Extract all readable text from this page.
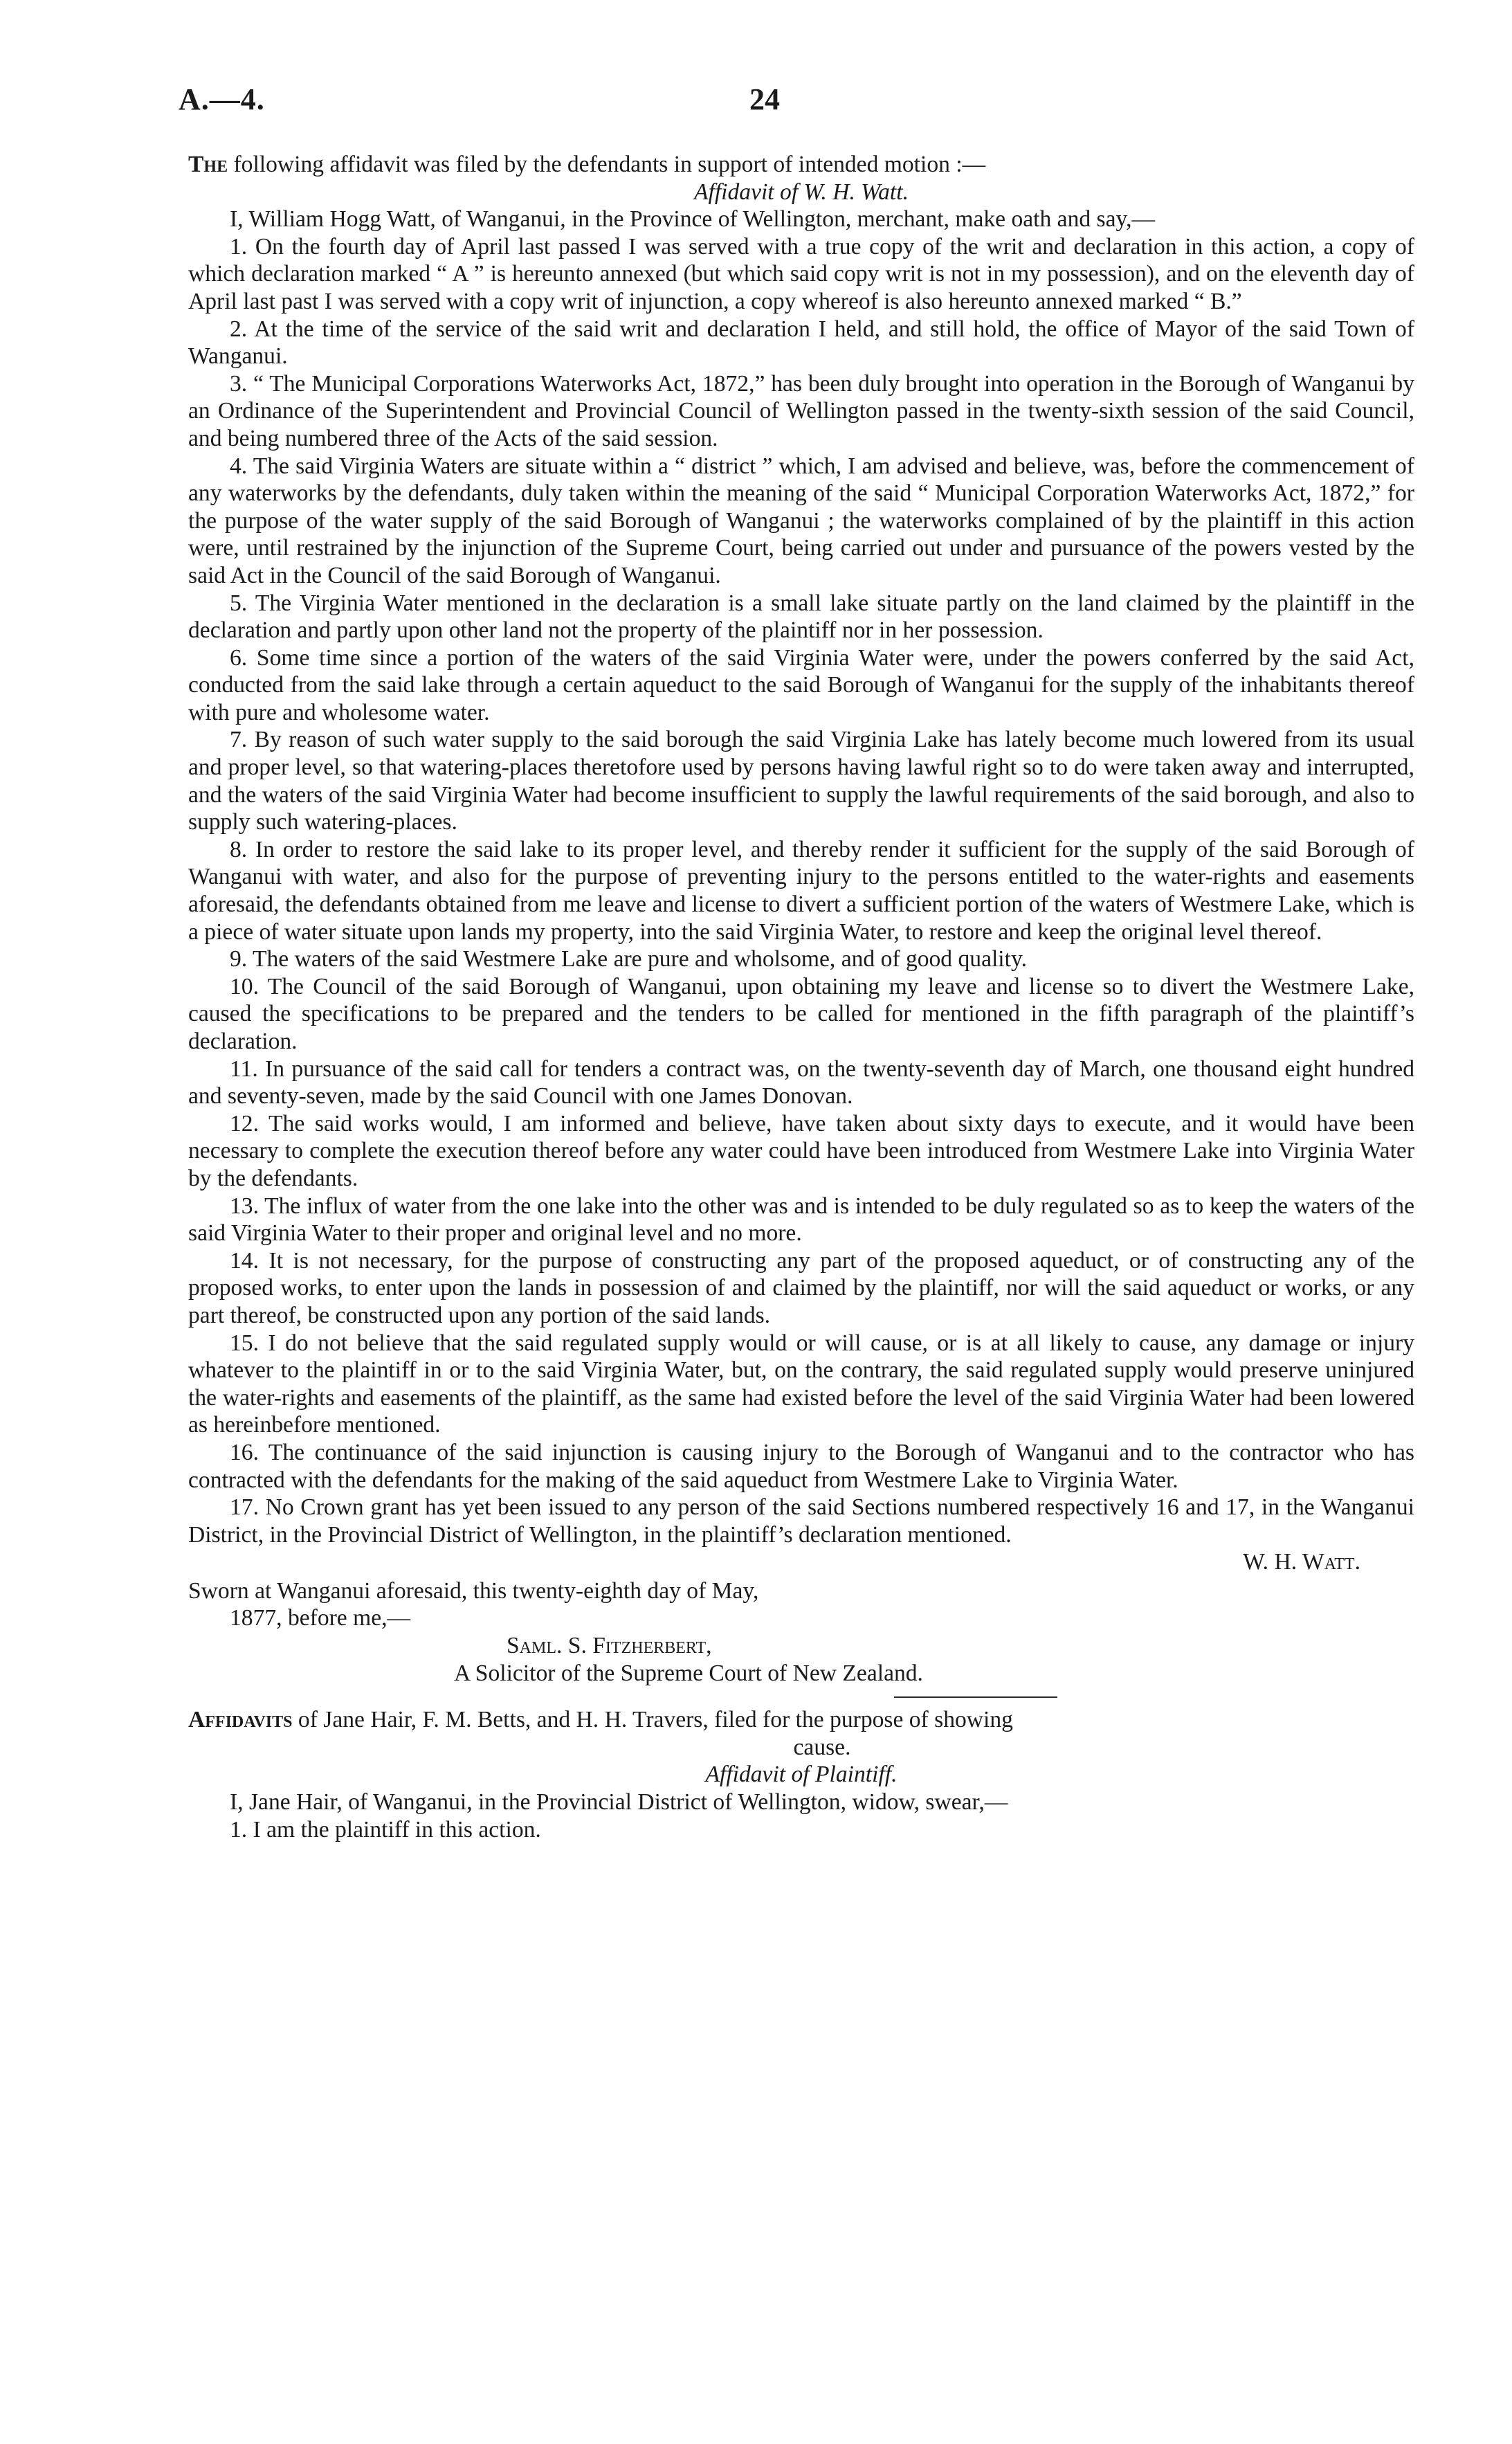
A.—4.	24

The following affidavit was filed by the defendants in support of intended motion :—

Affidavit of W. H. Watt.

I, William Hogg Watt, of Wanganui, in the Province of Wellington, merchant, make oath and say,—

1. On the fourth day of April last passed I was served with a true copy of the writ and declaration in this action, a copy of which declaration marked “ A ” is hereunto annexed (but which said copy writ is not in my possession), and on the eleventh day of April last past I was served with a copy writ of injunction, a copy whereof is also hereunto annexed marked “ B.”

2. At the time of the service of the said writ and declaration I held, and still hold, the office of Mayor of the said Town of Wanganui.

3. “ The Municipal Corporations Waterworks Act, 1872,” has been duly brought into operation in the Borough of Wanganui by an Ordinance of the Superintendent and Provincial Council of Wellington passed in the twenty-sixth session of the said Council, and being numbered three of the Acts of the said session.

4. The said Virginia Waters are situate within a “ district ” which, I am advised and believe, was, before the commencement of any waterworks by the defendants, duly taken within the meaning of the said “ Municipal Corporation Waterworks Act, 1872,” for the purpose of the water supply of the said Borough of Wanganui ; the waterworks complained of by the plaintiff in this action were, until restrained by the injunction of the Supreme Court, being carried out under and pursuance of the powers vested by the said Act in the Council of the said Borough of Wanganui.

5. The Virginia Water mentioned in the declaration is a small lake situate partly on the land claimed by the plaintiff in the declaration and partly upon other land not the property of the plaintiff nor in her possession.

6. Some time since a portion of the waters of the said Virginia Water were, under the powers conferred by the said Act, conducted from the said lake through a certain aqueduct to the said Borough of Wanganui for the supply of the inhabitants thereof with pure and wholesome water.

7. By reason of such water supply to the said borough the said Virginia Lake has lately become much lowered from its usual and proper level, so that watering-places theretofore used by persons having lawful right so to do were taken away and interrupted, and the waters of the said Virginia Water had become insufficient to supply the lawful requirements of the said borough, and also to supply such watering-places.

8. In order to restore the said lake to its proper level, and thereby render it sufficient for the supply of the said Borough of Wanganui with water, and also for the purpose of preventing injury to the persons entitled to the water-rights and easements aforesaid, the defendants obtained from me leave and license to divert a sufficient portion of the waters of Westmere Lake, which is a piece of water situate upon lands my property, into the said Virginia Water, to restore and keep the original level thereof.

9. The waters of the said Westmere Lake are pure and wholsome, and of good quality.

10. The Council of the said Borough of Wanganui, upon obtaining my leave and license so to divert the Westmere Lake, caused the specifications to be prepared and the tenders to be called for mentioned in the fifth paragraph of the plaintiff’s declaration.

11. In pursuance of the said call for tenders a contract was, on the twenty-seventh day of March, one thousand eight hundred and seventy-seven, made by the said Council with one James Donovan.

12. The said works would, I am informed and believe, have taken about sixty days to execute, and it would have been necessary to complete the execution thereof before any water could have been introduced from Westmere Lake into Virginia Water by the defendants.

13. The influx of water from the one lake into the other was and is intended to be duly regulated so as to keep the waters of the said Virginia Water to their proper and original level and no more.

14. It is not necessary, for the purpose of constructing any part of the proposed aqueduct, or of constructing any of the proposed works, to enter upon the lands in possession of and claimed by the plaintiff, nor will the said aqueduct or works, or any part thereof, be constructed upon any portion of the said lands.

15. I do not believe that the said regulated supply would or will cause, or is at all likely to cause, any damage or injury whatever to the plaintiff in or to the said Virginia Water, but, on the contrary, the said regulated supply would preserve uninjured the water-rights and easements of the plaintiff, as the same had existed before the level of the said Virginia Water had been lowered as hereinbefore mentioned.

16. The continuance of the said injunction is causing injury to the Borough of Wanganui and to the contractor who has contracted with the defendants for the making of the said aqueduct from Westmere Lake to Virginia Water.

17. No Crown grant has yet been issued to any person of the said Sections numbered respectively 16 and 17, in the Wanganui District, in the Provincial District of Wellington, in the plaintiff’s declaration mentioned.

W. H. Watt.

Sworn at Wanganui aforesaid, this twenty-eighth day of May,

1877, before me,—

Saml. S. Fitzherbert,

A Solicitor of the Supreme Court of New Zealand.

Affidavits of Jane Hair, F. M. Betts, and H. H. Travers, filed for the purpose of showing

cause.

Affidavit of Plaintiff.

I, Jane Hair, of Wanganui, in the Provincial District of Wellington, widow, swear,—

1. I am the plaintiff in this action.
